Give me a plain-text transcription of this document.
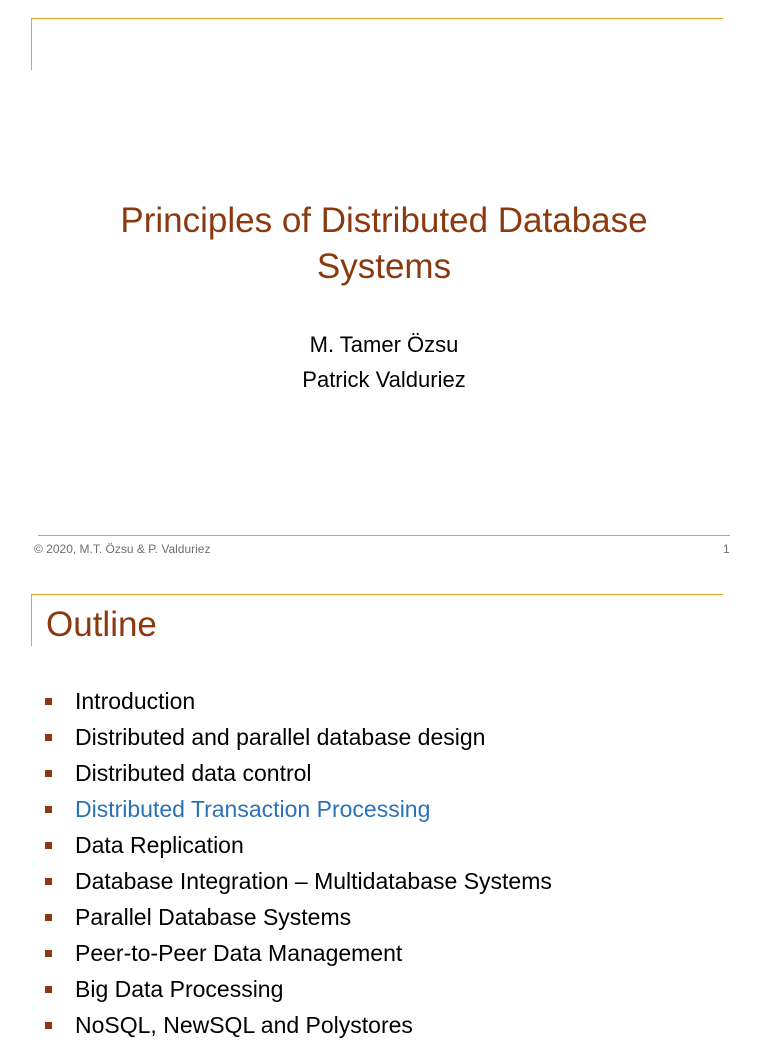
Principles of Distributed Database
Systems
M. Tamer Özsu
Patrick Valduriez
© 2020, M.T. Özsu & P. Valduriez	1
Outline
Introduction
Distributed and parallel database design
Distributed data control
Distributed Transaction Processing
Data Replication
Database Integration – Multidatabase Systems
Parallel Database Systems
Peer-to-Peer Data Management
Big Data Processing
NoSQL, NewSQL and Polystores
